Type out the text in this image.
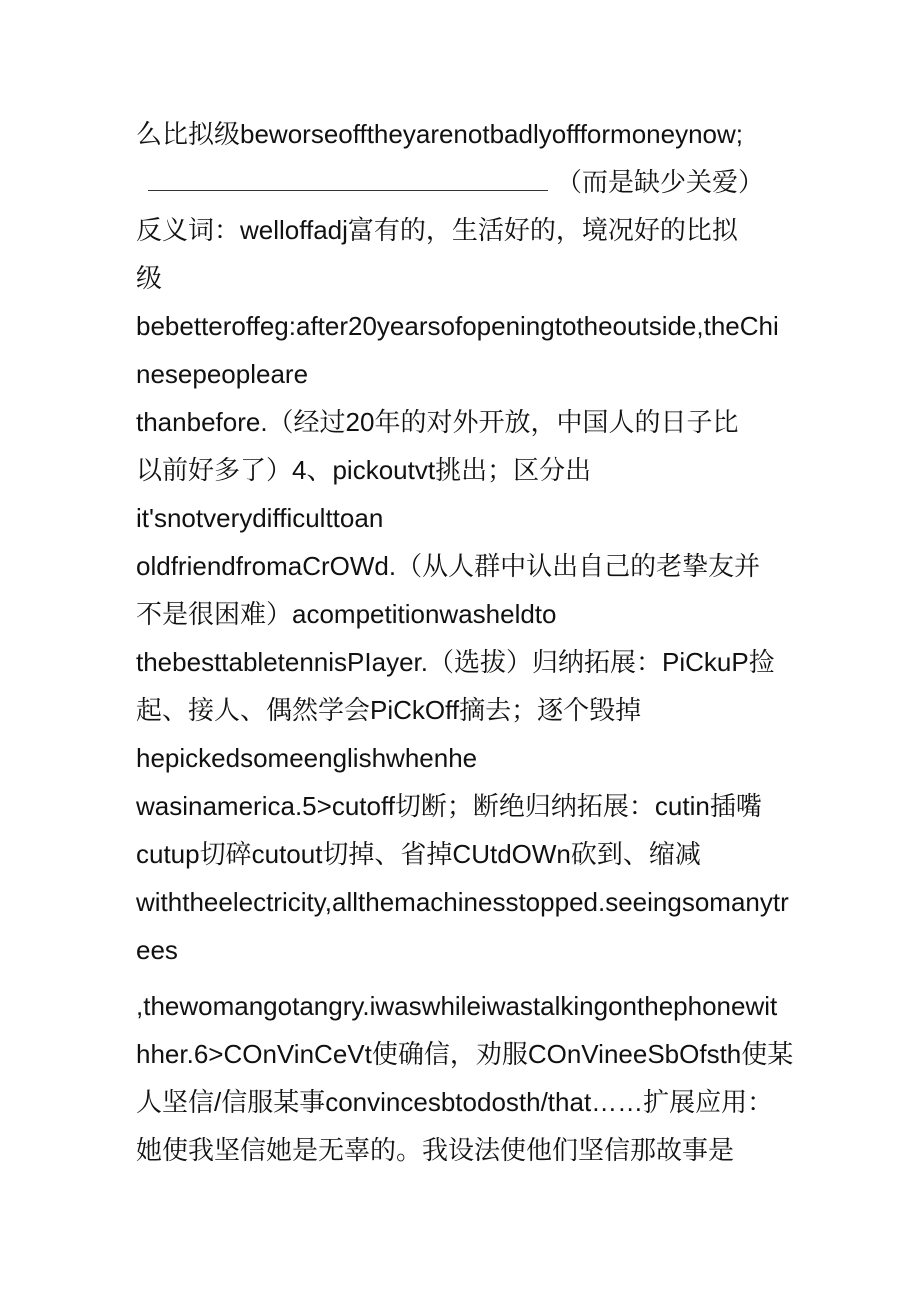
么比拟级beworseofftheyarenotbadlyoffformoneynow;
（而是缺少关爱）
反义词：welloffadj富有的，生活好的，境况好的比拟
级
bebetteroffeg:after20yearsofopeningtotheoutside,theChi
nesepeopleare
thanbefore.（经过20年的对外开放，中国人的日子比
以前好多了）4、pickoutvt挑出；区分出
it'snotverydifficulttoan
oldfriendfromaCrOWd.（从人群中认出自己的老挚友并
不是很困难）acompetitionwasheldto
thebesttabletennisPIayer.（选拔）归纳拓展：PiCkuP捡
起、接人、偶然学会PiCkOff摘去；逐个毁掉
hepickedsomeenglishwhenhe
wasinamerica.5>cutoff切断；断绝归纳拓展：cutin插嘴
cutup切碎cutout切掉、省掉CUtdOWn砍到、缩减
withtheelectricity,allthemachinesstopped.seeingsomanytr
ees
,thewomangotangry.iwaswhileiwastalkingonthephonewit
hher.6>COnVinCeVt使确信，劝服COnVineeSbOfsth使某
人坚信/信服某事convincesbtodosth/that……扩展应用：
她使我坚信她是无辜的。我设法使他们坚信那故事是
